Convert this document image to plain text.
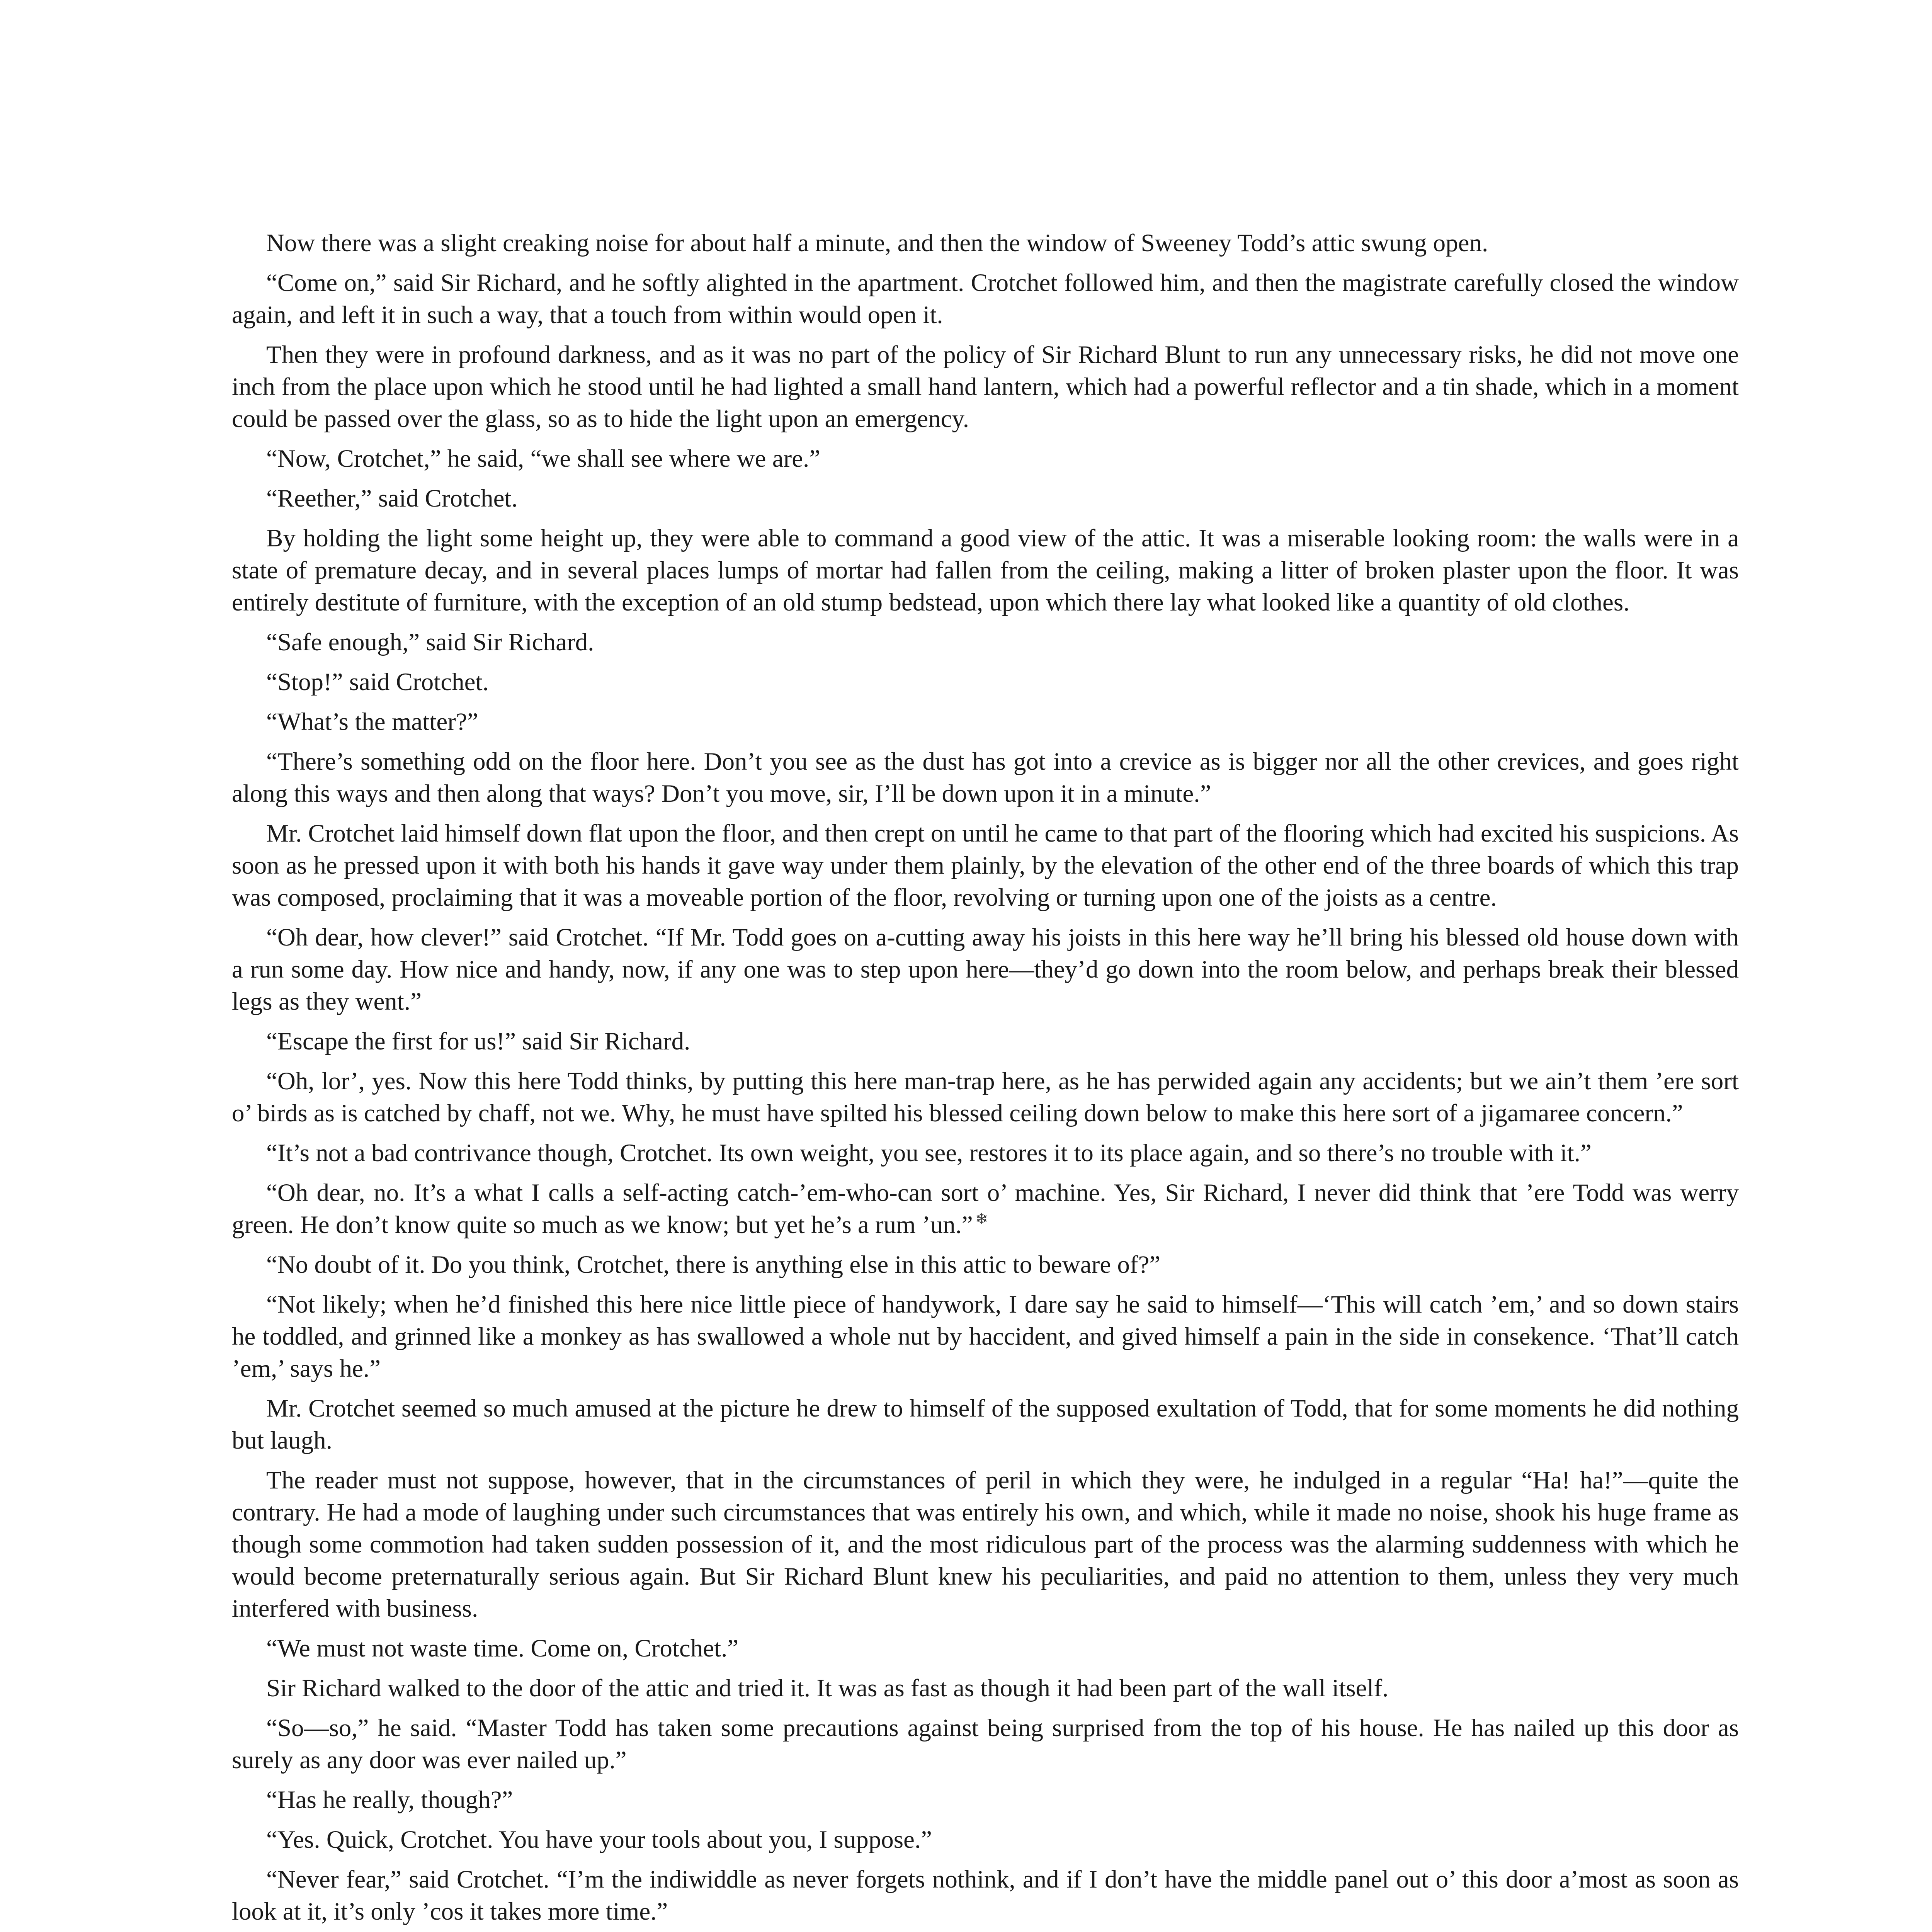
Now there was a slight creaking noise for about half a minute, and then the window of Sweeney Todd’s attic swung open.

“Come on,” said Sir Richard, and he softly alighted in the apartment. Crotchet followed him, and then the magistrate carefully closed the window again, and left it in such a way, that a touch from within would open it.

Then they were in profound darkness, and as it was no part of the policy of Sir Richard Blunt to run any unnecessary risks, he did not move one inch from the place upon which he stood until he had lighted a small hand lantern, which had a powerful reflector and a tin shade, which in a moment could be passed over the glass, so as to hide the light upon an emergency.

“Now, Crotchet,” he said, “we shall see where we are.”

“Reether,” said Crotchet.

By holding the light some height up, they were able to command a good view of the attic. It was a miserable looking room: the walls were in a state of premature decay, and in several places lumps of mortar had fallen from the ceiling, making a litter of broken plaster upon the floor. It was entirely destitute of furniture, with the exception of an old stump bedstead, upon which there lay what looked like a quantity of old clothes.

“Safe enough,” said Sir Richard.

“Stop!” said Crotchet.

“What’s the matter?”

“There’s something odd on the floor here. Don’t you see as the dust has got into a crevice as is bigger nor all the other crevices, and goes right along this ways and then along that ways? Don’t you move, sir, I’ll be down upon it in a minute.”

Mr. Crotchet laid himself down flat upon the floor, and then crept on until he came to that part of the flooring which had excited his suspicions. As soon as he pressed upon it with both his hands it gave way under them plainly, by the elevation of the other end of the three boards of which this trap was composed, proclaiming that it was a moveable portion of the floor, revolving or turning upon one of the joists as a centre.

“Oh dear, how clever!” said Crotchet. “If Mr. Todd goes on a-cutting away his joists in this here way he’ll bring his blessed old house down with a run some day. How nice and handy, now, if any one was to step upon here—they’d go down into the room below, and perhaps break their blessed legs as they went.”

“Escape the first for us!” said Sir Richard.

“Oh, lor’, yes. Now this here Todd thinks, by putting this here man-trap here, as he has perwided again any accidents; but we ain’t them ’ere sort o’ birds as is catched by chaff, not we. Why, he must have spilted his blessed ceiling down below to make this here sort of a jigamaree concern.”

“It’s not a bad contrivance though, Crotchet. Its own weight, you see, restores it to its place again, and so there’s no trouble with it.”

“Oh dear, no. It’s a what I calls a self-acting catch-’em-who-can sort o’ machine. Yes, Sir Richard, I never did think that ’ere Todd was werry green. He don’t know quite so much as we know; but yet he’s a rum ’un.” ❄

“No doubt of it. Do you think, Crotchet, there is anything else in this attic to beware of?”

“Not likely; when he’d finished this here nice little piece of handywork, I dare say he said to himself—‘This will catch ’em,’ and so down stairs he toddled, and grinned like a monkey as has swallowed a whole nut by haccident, and gived himself a pain in the side in consekence. ‘That’ll catch ’em,’ says he.”

Mr. Crotchet seemed so much amused at the picture he drew to himself of the supposed exultation of Todd, that for some moments he did nothing but laugh.

The reader must not suppose, however, that in the circumstances of peril in which they were, he indulged in a regular “Ha! ha!”—quite the contrary. He had a mode of laughing under such circumstances that was entirely his own, and which, while it made no noise, shook his huge frame as though some commotion had taken sudden possession of it, and the most ridiculous part of the process was the alarming suddenness with which he would become preternaturally serious again. But Sir Richard Blunt knew his peculiarities, and paid no attention to them, unless they very much interfered with business.

“We must not waste time. Come on, Crotchet.”

Sir Richard walked to the door of the attic and tried it. It was as fast as though it had been part of the wall itself.

“So—so,” he said. “Master Todd has taken some precautions against being surprised from the top of his house. He has nailed up this door as surely as any door was ever nailed up.”

“Has he really, though?”

“Yes. Quick, Crotchet. You have your tools about you, I suppose.”

“Never fear,” said Crotchet. “I’m the indiwiddle as never forgets nothink, and if I don’t have the middle panel out o’ this door a’most as soon as look at it, it’s only ’cos it takes more time.”
